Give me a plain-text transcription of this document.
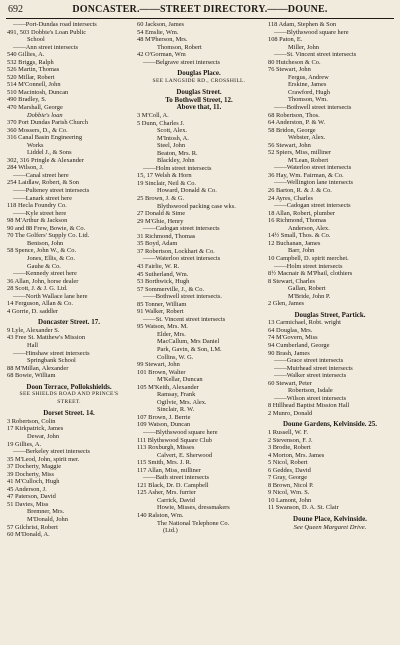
692	DONCASTER.——STREET DIRECTORY.——DOUNE.
——Port-Dundas road intersects
491, 503 Dobbie's Loan Public
School
——Ann street intersects
540 Gillies, A.
532 Briggs, Ralph
526 Martin, Thomas
520 Millar, Robert
514 M'Connell, John
510 Macintosh, Duncan
490 Bradley, S.
470 Marshall, George
Dobbie's loan
370 Port Dundas Parish Church
360 Mossers, D., & Co.
316 Canal Basin Engineering
Works
Liddel J., & Sons
302, 316 Pringle & Alexander
284 Wilson, J.
——Canal street here
254 Laidlaw, Robert, & Son
——Pulteney street intersects
——Lanark street here
118 Hecla Foundry Co.
——Kyle street here
98 M'Arthur & Jackson
90 and 88 Frew, Bowie, & Co.
70 The Golfers' Supply Co. Ltd.
Benison, John
58 Spence, John W., & Co.
Jones, Ellis, & Co.
Gauhe & Co.
——Kennedy street here
36 Allan, John, horse dealer
28 Scott, J. & J. G. Ltd.
——North Wallace lane here
14 Ferguson, Allan & Co.
4 Gorrie, D. saddler
Doncaster Street. 17.
9 Lyle, Alexander S.
43 Free St. Matthew's Mission
Hall
——Hinshaw street intersects
Springbank School
88 M'Millan, Alexander
68 Bowie, William
Doon Terrace, Pollokshields.
SEE SHIELDS ROAD AND PRINCE'S
STREET.
Dorset Street. 14.
3 Robertson, Colin
17 Kirkpatrick, James
Dewar, John
19 Gillies, A.
——Berkeley street intersects
35 M'Leod, John, spirit mer.
37 Docherty, Maggie
39 Docherty, Miss
41 M'Culloch, Hugh
45 Anderson, J.
47 Paterson, David
51 Davies, Miss
Bremner, Mrs.
M'Donald, John
57 Gilchrist, Robert
60 M'Donald, A.
60 Jackson, James
54 Emslie, Wm.
48 M'Pherson, Mrs.
Thomson, Robert
42 O'Gorman, Wm
——Belgrave street intersects
Douglas Place.
SEE LANGSIDE RD., CROSSHILL.
Douglas Street.
To Bothwell Street, 12.
Above that, 11.
3 M'Coll, A.
5 Dunn, Charles J.
Scott, Alex.
M'Intosh, A.
Steel, John
Beaton, Mrs. R.
Blackley, John
——Holm street intersects
15, 17 Welsh & Horn
19 Sinclair, Neil & Co.
Howard, Donald & Co.
25 Brown, J. & G.
Blythswood packing case wks.
27 Donald & Sime
29 M'Ghie, Henry
——Cadogan street intersects
31 Richmond, Thomas
35 Boyd, Adam
37 Robertson, Lockhart & Co.
——Waterloo street intersects
43 Fairlie, W. R.
45 Sutherland, Wm.
53 Borthwick, Hugh
57 Sommerville, J., & Co.
——Bothwell street intersects.
85 Tonner, William
91 Walker, Robert
——St. Vincent street intersects
95 Watson, Mrs. M.
Elder, Mrs.
MacCallum, Mrs Daniel
Park, Gavin, & Son, LM.
Collins, W. G.
99 Stewart, John
101 Brown, Walter
M'Kellar, Duncan
105 M'Keith, Alexander
Ramsay, Frank
Ogilvie, Mrs. Alex.
Sinclair, R. W.
107 Brown, J. Berrie
109 Watson, Duncan
——Blythswood square here
111 Blythswood Square Club
113 Roxburgh, Misses
Calvert, E. Sherwood
115 Smith, Mrs. J. R.
117 Allan, Miss, milliner
——Bath street intersects
121 Black, Dr. D. Campbell
125 Asher, Mrs. furrier
Carrick, David
Howie, Misses, dressmakers
140 Ralston, Wm.
The National Telephone Co.
(Ltd.)
118 Adam, Stephen & Son
——Blythswood square here
108 Paton, E.
Miller, John
——St. Vincent street intersects
80 Hutcheson & Co.
76 Stewart, John
Fergus, Andrew
Erskine, James
Crawford, Hugh
Thomson, Wm.
——Bothwell street intersects
68 Robertson, Thos.
64 Anderston, P. & W.
58 Bridon, George
Webster, Alex.
56 Stewart, John
52 Spiers, Miss, milliner
M'Lean, Robert
——Waterloo street intersects
36 Hay, Wm. Fairman, & Co.
——Wellington lane intersects
26 Barton, R. & J. & Co.
24 Ayres, Charles
——Cadogan street intersects
18 Allan, Robert, plumber
16 Richmond, Thomas
Anderson, Alex.
14½ Small, Thos. & Co.
12 Buchanan, James
Barr, John
10 Campbell, D. spirit merchet.
——Holm street intersects
8½ Macnair & M'Phail, clothiers
8 Stewart, Charles
Gallan, Robert
M'Bride, John P.
2 Glen, James
Douglas Street, Partick.
13 Carmichael, Robt. wright
64 Douglas, Mrs.
74 M'Govern, Miss
94 Cumberland, George
90 Brash, James
——Grace street intersects
——Muirhead street intersects
——Walker street intersects
60 Stewart, Peter
Robertson, Isdale
——Wilson street intersects
8 Hillhead Baptist Mission Hall
2 Munro, Donald
Doune Gardens, Kelvinside. 25.
1 Russell, W. F.
2 Stevenson, F. J.
3 Brodie, Robert
4 Morton, Mrs. James
5 Nicol, Robert
6 Geddes, David
7 Gray, George
8 Brown, Nicol P.
9 Nicol, Wm. S.
10 Lamont, John
11 Swanson, D. A. St. Clair
Doune Place, Kelvinside.
See Queen Margaret Drive.
